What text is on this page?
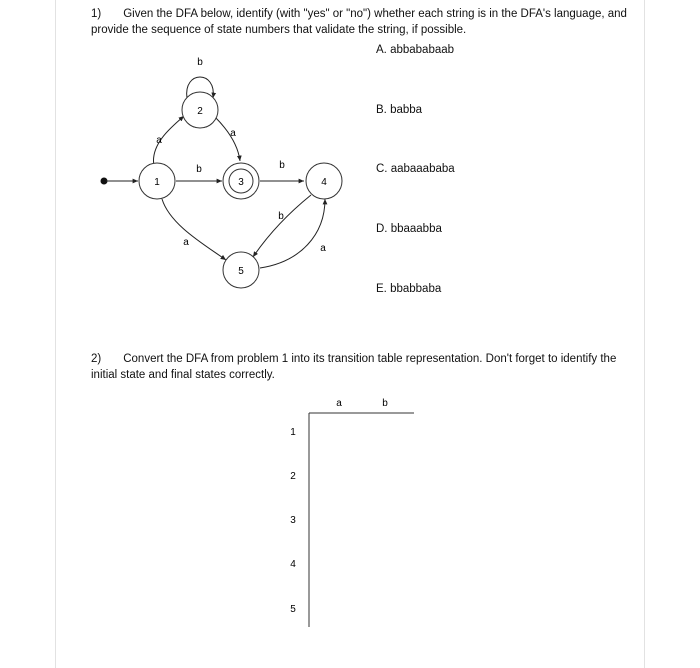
1) Given the DFA below, identify (with "yes" or "no") whether each string is in the DFA's language, and provide the sequence of state numbers that validate the string, if possible.
A. abbababaab
B. babba
C. aabaaababa
D. bbaaabba
E. bbabbaba
1
2
3	4
5
b
a
a
b	b
b
a
a
a	b
1
2
3
4
5
2) Convert the DFA from problem 1 into its transition table representation. Don't forget to identify the initial state and final states correctly.
